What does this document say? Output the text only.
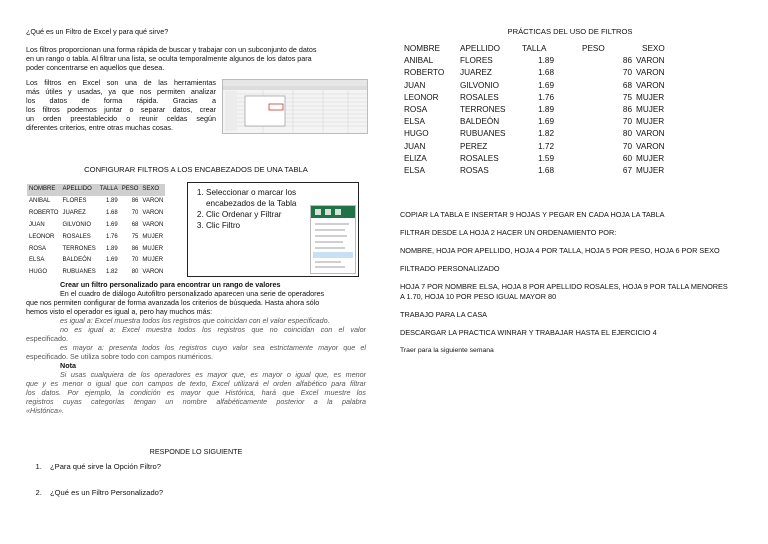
¿Qué es un Filtro de Excel y para qué sirve?
Los filtros proporcionan una forma rápida de buscar y trabajar con un subconjunto de datos
en un rango o tabla. Al filtrar una lista, se oculta temporalmente algunos de los datos para
poder concentrarse en aquellos que desea.
Los filtros en Excel son una de las herramientas
más útiles y usadas, ya que nos permiten analizar
los datos de forma rápida. Gracias a
los filtros podemos juntar o separar datos, crear
un orden preestablecido o reunir celdas según
diferentes criterios, entre otras muchas cosas.
CONFIGURAR FILTROS A LOS ENCABEZADOS DE UNA TABLA
NOMBRE	APELLIDO	TALLA	PESO	SEXO
ANIBAL	FLORES	1.89	86	VARON
ROBERTO	JUAREZ	1.68	70	VARON
JUAN	GILVONIO	1.69	68	VARON
LEONOR	ROSALES	1.76	75	MUJER
ROSA	TERRONES	1.89	86	MUJER
ELSA	BALDEÓN	1.69	70	MUJER
HUGO	RUBUANES	1.82	80	VARON
1. Seleccionar o marcar los encabezados de la Tabla
2. Clic Ordenar y Filtrar
3. Clic Filtro
Crear un filtro personalizado para encontrar un rango de valores
En el cuadro de diálogo Autofiltro personalizado aparecen una serie de operadores
que nos permiten configurar de forma avanzada los criterios de búsqueda. Hasta ahora sólo
hemos visto el operador es igual a, pero hay muchos más:
es igual a: Excel muestra todos los registros que coincidan con el valor especificado.
no es igual a: Excel muestra todos los registros que no coincidan con el valor
especificado.
es mayor a: presenta todos los registros cuyo valor sea estrictamente mayor que el
especificado. Se utiliza sobre todo con campos numéricos.
Nota
Si usas cualquiera de los operadores es mayor que, es mayor o igual que, es menor
que y es menor o igual que con campos de texto, Excel utilizará el orden alfabético para filtrar
los datos. Por ejemplo, la condición es mayor que Histórica, hará que Excel muestre los
registros cuyas categorías tengan un nombre alfabéticamente posterior a la palabra
«Histórica».
RESPONDE LO SIGUIENTE
1. ¿Para qué sirve la Opción Filtro?
2. ¿Qué es un Filtro Personalizado?
PRÁCTICAS DEL USO DE FILTROS
NOMBRE	APELLIDO	TALLA	PESO	SEXO
ANIBAL	FLORES	1.89	86	VARON
ROBERTO	JUAREZ	1.68	70	VARON
JUAN	GILVONIO	1.69	68	VARON
LEONOR	ROSALES	1.76	75	MUJER
ROSA	TERRONES	1.89	86	MUJER
ELSA	BALDEÓN	1.69	70	MUJER
HUGO	RUBUANES	1.82	80	VARON
JUAN	PEREZ	1.72	70	VARON
ELIZA	ROSALES	1.59	60	MUJER
ELSA	ROSAS	1.68	67	MUJER
COPIAR LA TABLA E INSERTAR 9 HOJAS Y PEGAR EN CADA HOJA LA TABLA
FILTRAR DESDE LA HOJA 2 HACER UN ORDENAMIENTO POR:
NOMBRE, HOJA POR APELLIDO, HOJA 4 POR TALLA, HOJA 5 POR PESO, HOJA 6 POR SEXO
FILTRADO PERSONALIZADO
HOJA 7 POR NOMBRE ELSA, HOJA 8 POR APELLIDO ROSALES, HOJA 9 POR TALLA MENORES
A 1.70, HOJA 10 POR PESO IGUAL MAYOR 80
TRABAJO PARA LA CASA
DESCARGAR LA PRACTICA WINRAR Y TRABAJAR HASTA EL EJERCICIO 4
Traer para la siguiente semana
